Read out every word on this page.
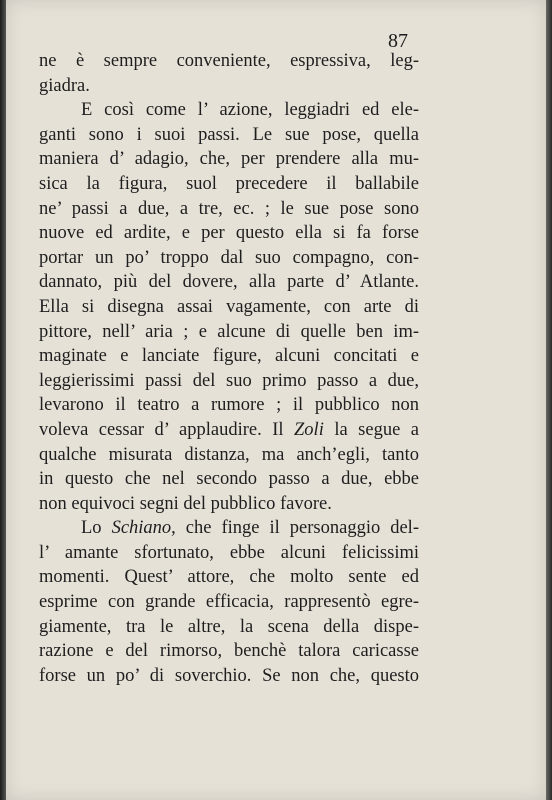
87
ne è sempre conveniente, espressiva, leg-
giadra.
E così come l’ azione, leggiadri ed ele-
ganti sono i suoi passi. Le sue pose, quella
maniera d’ adagio, che, per prendere alla mu-
sica la figura, suol precedere il ballabile
ne’ passi a due, a tre, ec. ; le sue pose sono
nuove ed ardite, e per questo ella si fa forse
portar un po’ troppo dal suo compagno, con-
dannato, più del dovere, alla parte d’ Atlante.
Ella si disegna assai vagamente, con arte di
pittore, nell’ aria ; e alcune di quelle ben im-
maginate e lanciate figure, alcuni concitati e
leggierissimi passi del suo primo passo a due,
levarono il teatro a rumore ; il pubblico non
voleva cessar d’ applaudire. Il Zoli la segue a
qualche misurata distanza, ma anch’egli, tanto
in questo che nel secondo passo a due, ebbe
non equivoci segni del pubblico favore.
Lo Schiano, che finge il personaggio del-
l’ amante sfortunato, ebbe alcuni felicissimi
momenti. Quest’ attore, che molto sente ed
esprime con grande efficacia, rappresentò egre-
giamente, tra le altre, la scena della dispe-
razione e del rimorso, benchè talora caricasse
forse un po’ di soverchio. Se non che, questo
